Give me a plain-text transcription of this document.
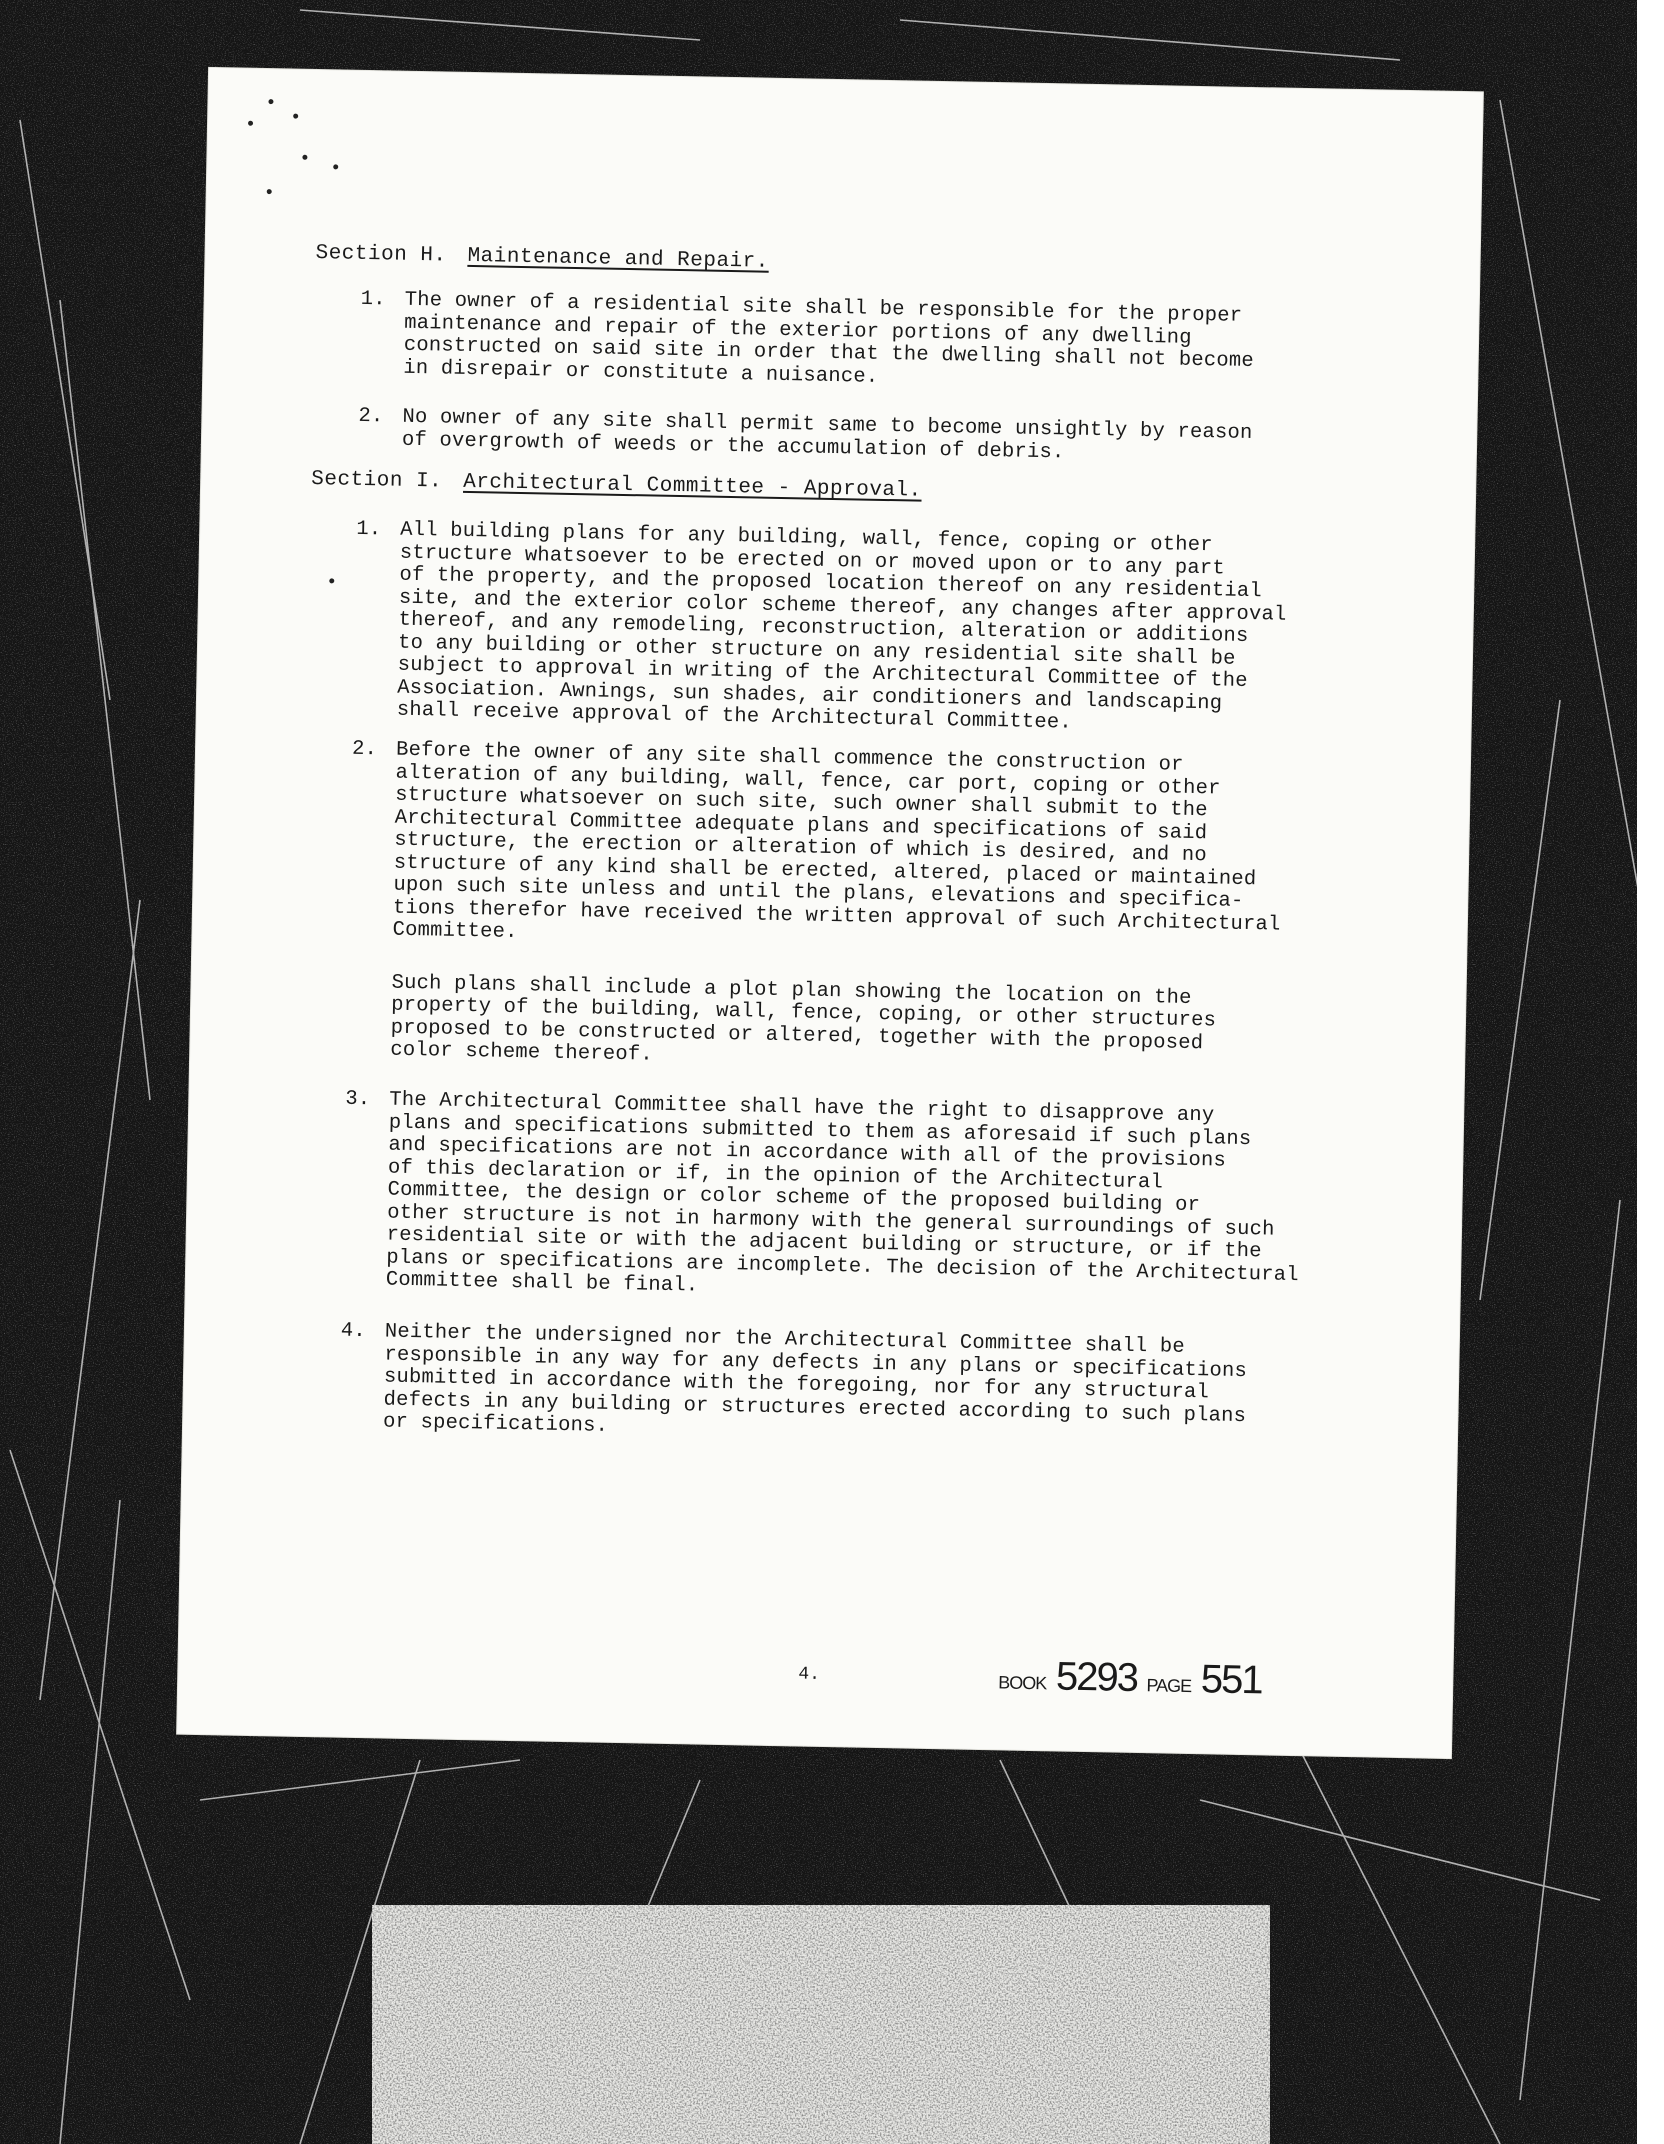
Section H. Maintenance and Repair.
1. The owner of a residential site shall be responsible for the proper
maintenance and repair of the exterior portions of any dwelling
constructed on said site in order that the dwelling shall not become
in disrepair or constitute a nuisance.
2. No owner of any site shall permit same to become unsightly by reason
of overgrowth of weeds or the accumulation of debris.
Section I. Architectural Committee - Approval.
1. All building plans for any building, wall, fence, coping or other
structure whatsoever to be erected on or moved upon or to any part
of the property, and the proposed location thereof on any residential
site, and the exterior color scheme thereof, any changes after approval
thereof, and any remodeling, reconstruction, alteration or additions
to any building or other structure on any residential site shall be
subject to approval in writing of the Architectural Committee of the
Association. Awnings, sun shades, air conditioners and landscaping
shall receive approval of the Architectural Committee.
2. Before the owner of any site shall commence the construction or
alteration of any building, wall, fence, car port, coping or other
structure whatsoever on such site, such owner shall submit to the
Architectural Committee adequate plans and specifications of said
structure, the erection or alteration of which is desired, and no
structure of any kind shall be erected, altered, placed or maintained
upon such site unless and until the plans, elevations and specifica-
tions therefor have received the written approval of such Architectural
Committee.
Such plans shall include a plot plan showing the location on the
property of the building, wall, fence, coping, or other structures
proposed to be constructed or altered, together with the proposed
color scheme thereof.
3. The Architectural Committee shall have the right to disapprove any
plans and specifications submitted to them as aforesaid if such plans
and specifications are not in accordance with all of the provisions
of this declaration or if, in the opinion of the Architectural
Committee, the design or color scheme of the proposed building or
other structure is not in harmony with the general surroundings of such
residential site or with the adjacent building or structure, or if the
plans or specifications are incomplete. The decision of the Architectural
Committee shall be final.
4. Neither the undersigned nor the Architectural Committee shall be
responsible in any way for any defects in any plans or specifications
submitted in accordance with the foregoing, nor for any structural
defects in any building or structures erected according to such plans
or specifications.
4.	BOOK 5293 PAGE 551
